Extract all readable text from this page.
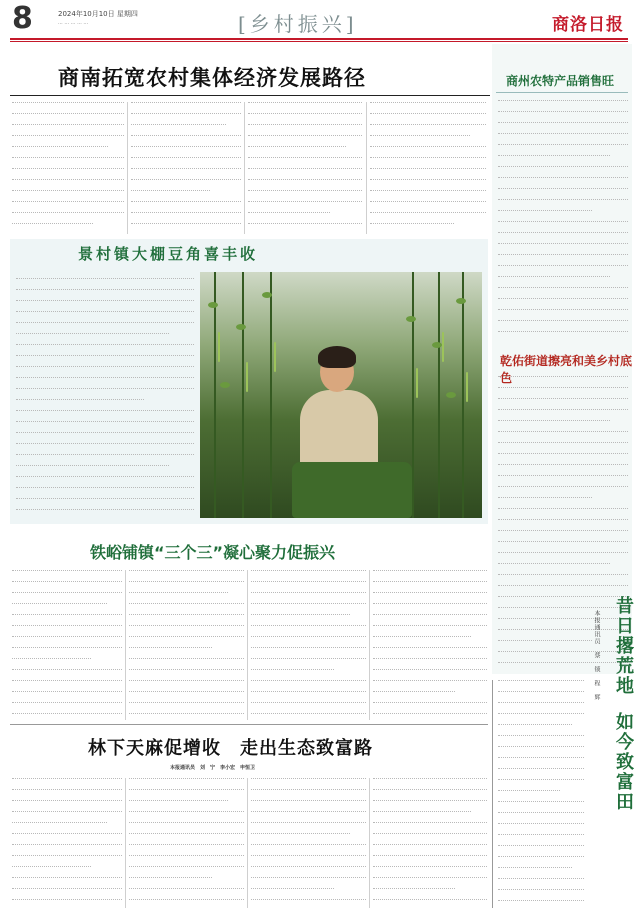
8	2024年10月10日 星期四
··· ··· ··· ··· ···	[乡村振兴]	商洛日报
商南拓宽农村集体经济发展路径
景村镇大棚豆角喜丰收
商州农特产品销售旺
乾佑街道擦亮和美乡村底色
铁峪铺镇“三个三”凝心聚力促振兴
林下天麻促增收　走出生态致富路
本报通讯员　刘　宁　李小宏　申恒卫
昔日撂荒地
如今致富田
本报通讯员　蔡　锁　程　辉
